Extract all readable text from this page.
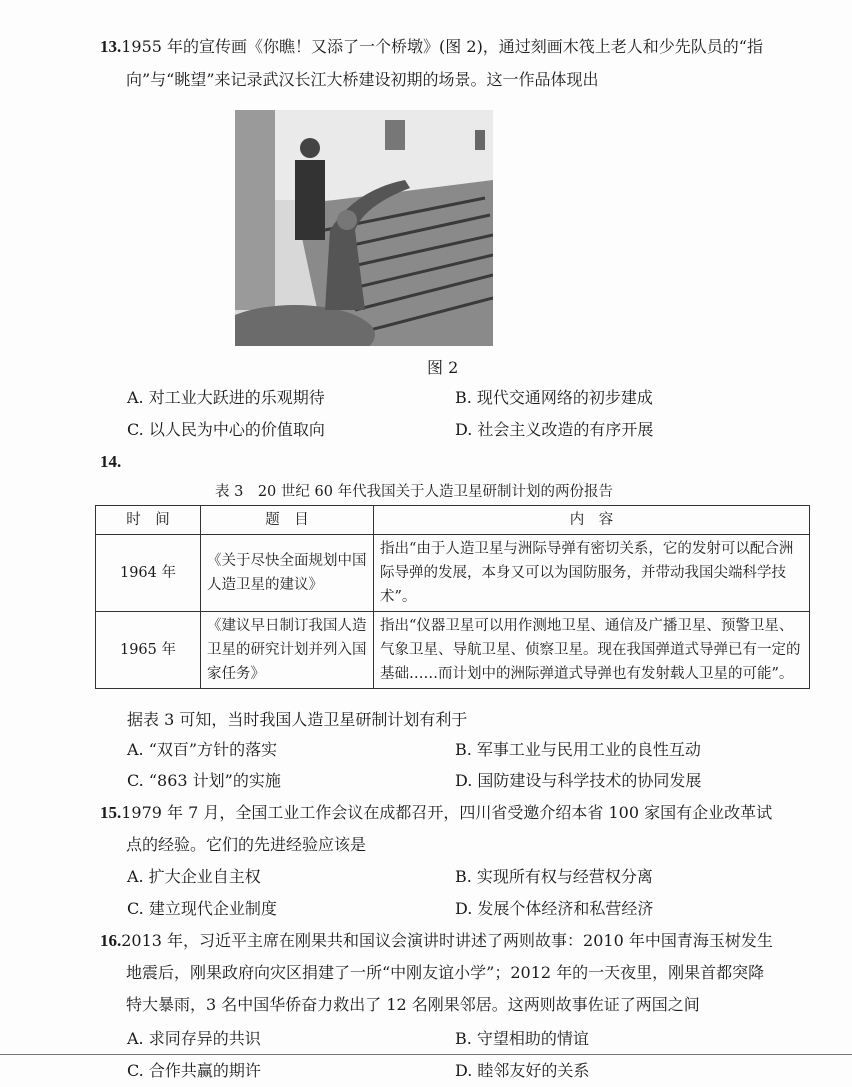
13.1955 年的宣传画《你瞧！又添了一个桥墩》(图 2)，通过刻画木筏上老人和少先队员的“指
向”与“眺望”来记录武汉长江大桥建设初期的场景。这一作品体现出
图 2
A. 对工业大跃进的乐观期待	B. 现代交通网络的初步建成
C. 以人民为中心的价值取向	D. 社会主义改造的有序开展
14.
表 3　20 世纪 60 年代我国关于人造卫星研制计划的两份报告
时　间	题　目	内　容
1964 年	《关于尽快全面规划中国人造卫星的建议》	指出“由于人造卫星与洲际导弹有密切关系，它的发射可以配合洲际导弹的发展，本身又可以为国防服务，并带动我国尖端科学技术”。
1965 年	《建议早日制订我国人造卫星的研究计划并列入国家任务》	指出“仪器卫星可以用作测地卫星、通信及广播卫星、预警卫星、气象卫星、导航卫星、侦察卫星。现在我国弹道式导弹已有一定的基础……而计划中的洲际弹道式导弹也有发射载人卫星的可能”。
据表 3 可知，当时我国人造卫星研制计划有利于
A. “双百”方针的落实	B. 军事工业与民用工业的良性互动
C. “863 计划”的实施	D. 国防建设与科学技术的协同发展
15.1979 年 7 月，全国工业工作会议在成都召开，四川省受邀介绍本省 100 家国有企业改革试
点的经验。它们的先进经验应该是
A. 扩大企业自主权	B. 实现所有权与经营权分离
C. 建立现代企业制度	D. 发展个体经济和私营经济
16.2013 年，习近平主席在刚果共和国议会演讲时讲述了两则故事：2010 年中国青海玉树发生
地震后，刚果政府向灾区捐建了一所“中刚友谊小学”；2012 年的一天夜里，刚果首都突降
特大暴雨，3 名中国华侨奋力救出了 12 名刚果邻居。这两则故事佐证了两国之间
A. 求同存异的共识	B. 守望相助的情谊
C. 合作共赢的期许	D. 睦邻友好的关系
